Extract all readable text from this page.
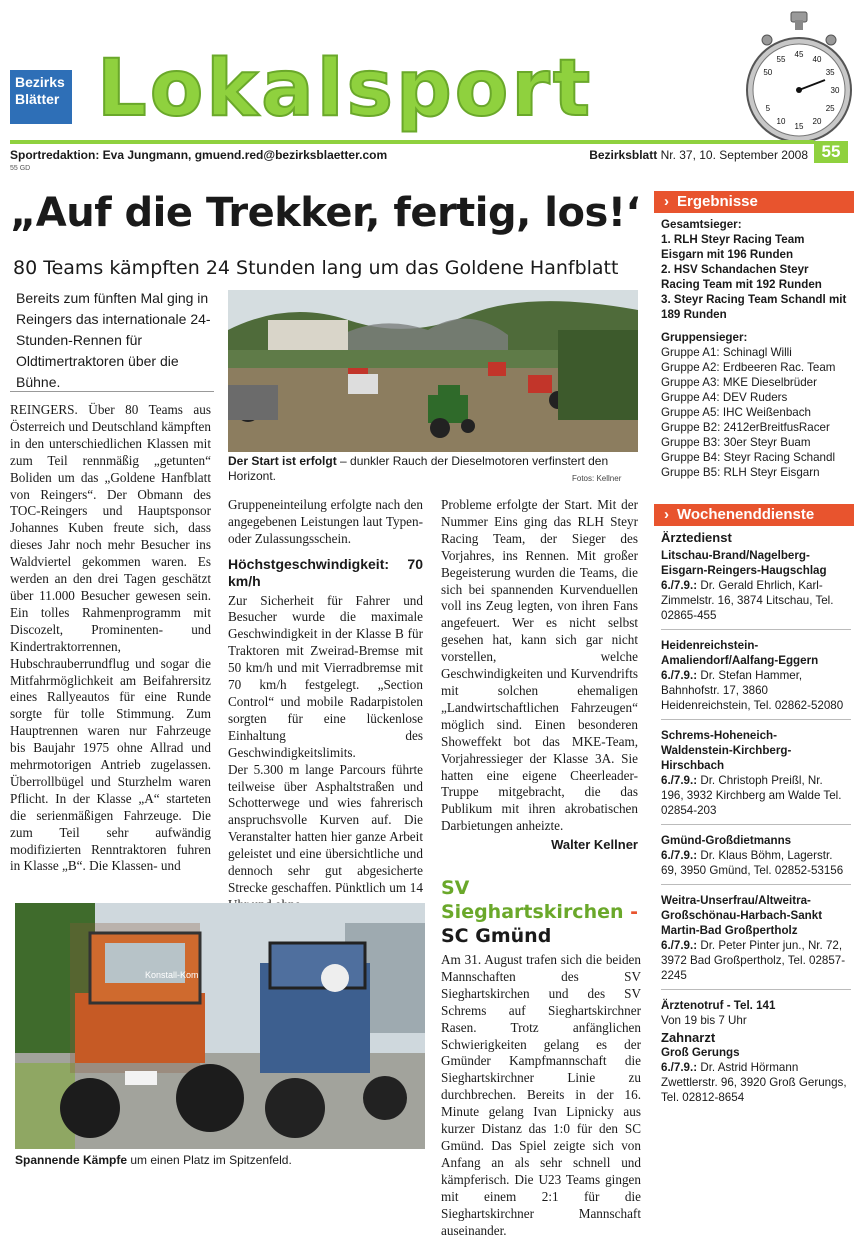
Bezirks
Blätter Lokalsport	50
55
45
40
35
30
25
20
15
10
5
55
Sportredaktion: Eva Jungmann, gmuend.red@bezirksblaetter.com	Bezirksblatt Nr. 37, 10. September 2008
55 GD
„Auf die Trekker, fertig, los!‘
80 Teams kämpften 24 Stunden lang um das Goldene Hanfblatt
Bereits zum fünften Mal ging in Reingers das internationale 24-Stunden-Rennen für Oldtimertraktoren über die Bühne.
Der Start ist erfolgt – dunkler Rauch der Dieselmotoren verfinstert den Horizont.	Fotos: Kellner

REINGERS. Über 80 Teams aus Österreich und Deutschland kämpften in den unterschiedlichen Klassen mit zum Teil rennmäßig „getunten“ Boliden um das „Goldene Hanfblatt von Reingers“. Der Obmann des TOC-Reingers und Hauptsponsor Johannes Kuben freute sich, dass dieses Jahr noch mehr Besucher ins Waldviertel gekommen waren. Es werden an den drei Tagen geschätzt über 11.000 Besucher gewesen sein. Ein tolles Rahmenprogramm mit Discozelt, Prominenten- und Kindertraktorrennen, Hubschrauberrundflug und sogar die Mitfahrmöglichkeit am Beifahrersitz eines Rallyeautos für eine Runde sorgte für tolle Stimmung. Zum Hauptrennen waren nur Fahrzeuge bis Baujahr 1975 ohne Allrad und mehrmotorigen Antrieb zugelassen. Überrollbügel und Sturzhelm waren Pflicht. In der Klasse „A“ starteten die serienmäßigen Fahrzeuge. Die zum Teil sehr aufwändig modifizierten Renntraktoren fuhren in Klasse „B“. Die Klassen- und

Gruppeneinteilung erfolgte nach den angegebenen Leistungen laut Typen- oder Zulassungsschein.

Höchstgeschwindigkeit: 70 km/h

Zur Sicherheit für Fahrer und Besucher wurde die maximale Geschwindigkeit in der Klasse B für Traktoren mit Zweirad-Bremse mit 50 km/h und mit Vierradbremse mit 70 km/h festgelegt. „Section Control“ und mobile Radarpistolen sorgten für eine lückenlose Einhaltung des Geschwindigkeitslimits.

Der 5.300 m lange Parcours führte teilweise über Asphaltstraßen und Schotterwege und wies fahrerisch anspruchsvolle Kurven auf. Die Veranstalter hatten hier ganze Arbeit geleistet und eine übersichtliche und dennoch sehr gut abgesicherte Strecke geschaffen. Pünktlich um 14

Probleme erfolgte der Start. Mit der Nummer Eins ging das RLH Steyr Racing Team, der Sieger des Vorjahres, ins Rennen. Mit großer Begeisterung wurden die Teams, die sich bei spannenden Kurvenduellen voll ins Zeug legten, von ihren Fans angefeuert. Wer es nicht selbst gesehen hat, kann sich gar nicht vorstellen, welche Geschwindigkeiten und Kurvendrifts mit solchen ehemaligen „Landwirtschaftlichen Fahrzeugen“ möglich sind. Einen besonderen Showeffekt bot das MKE-Team, Vorjahressieger der Klasse 3A. Sie hatten eine eigene Cheerleader-Truppe mitgebracht, die das Publikum mit ihren akrobatischen Darbietungen anheizte.

Walter Kellner

Konstall-Kom
Spannende Kämpfe um einen Platz im Spitzenfeld.
SV Sieghartskirchen -
SC Gmünd
Am 31. August trafen sich die beiden Mannschaften des SV Sieghartskirchen und des SV Schrems auf Sieghartskirchner Rasen. Trotz anfänglichen Schwierigkeiten gelang es der Gmünder Kampfmannschaft die Sieghartskirchner Linie zu durchbrechen. Bereits in der 16. Minute gelang Ivan Lipnicky aus kurzer Distanz das 1:0 für den SC Gmünd. Das Spiel zeigte sich von Anfang an als sehr schnell und kämpferisch. Die U23 Teams gingen mit einem 2:1 für die Sieghartskirchner Mannschaft auseinander.
› Ergebnisse
Gesamtsieger:
1. RLH Steyr Racing Team Eisgarn mit 196 Runden
2. HSV Schandachen Steyr Racing Team mit 192 Runden
3. Steyr Racing Team Schandl mit 189 Runden
Gruppensieger:
Gruppe A1: Schinagl Willi
Gruppe A2: Erdbeeren Rac. Team
Gruppe A3: MKE Dieselbrüder
Gruppe A4: DEV Ruders
Gruppe A5: IHC Weißenbach
Gruppe B2: 2412erBreitfusRacer
Gruppe B3: 30er Steyr Buam
Gruppe B4: Steyr Racing Schandl
Gruppe B5: RLH Steyr Eisgarn
› Wochenenddienste
Ärztedienst
Litschau-Brand/Nagelberg-Eisgarn-Reingers-Haugschlag
6./7.9.: Dr. Gerald Ehrlich, Karl-Zimmelstr. 16, 3874 Litschau, Tel. 02865-455
Heidenreichstein-Amaliendorf/Aalfang-Eggern
6./7.9.: Dr. Stefan Hammer, Bahnhofstr. 17, 3860 Heidenreichstein, Tel. 02862-52080
Schrems-Hoheneich-Waldenstein-Kirchberg-Hirschbach
6./7.9.: Dr. Christoph Preißl, Nr. 196, 3932 Kirchberg am Walde Tel. 02854-203
Gmünd-Großdietmanns
6./7.9.: Dr. Klaus Böhm, Lagerstr. 69, 3950 Gmünd, Tel. 02852-53156
Weitra-Unserfrau/Altweitra-Großschönau-Harbach-Sankt Martin-Bad Großpertholz
6./7.9.: Dr. Peter Pinter jun., Nr. 72, 3972 Bad Großpertholz, Tel. 02857-2245
Ärztenotruf - Tel. 141
Von 19 bis 7 Uhr
Zahnarzt
Groß Gerungs
6./7.9.: Dr. Astrid Hörmann Zwettlerstr. 96, 3920 Groß Gerungs, Tel. 02812-8654
